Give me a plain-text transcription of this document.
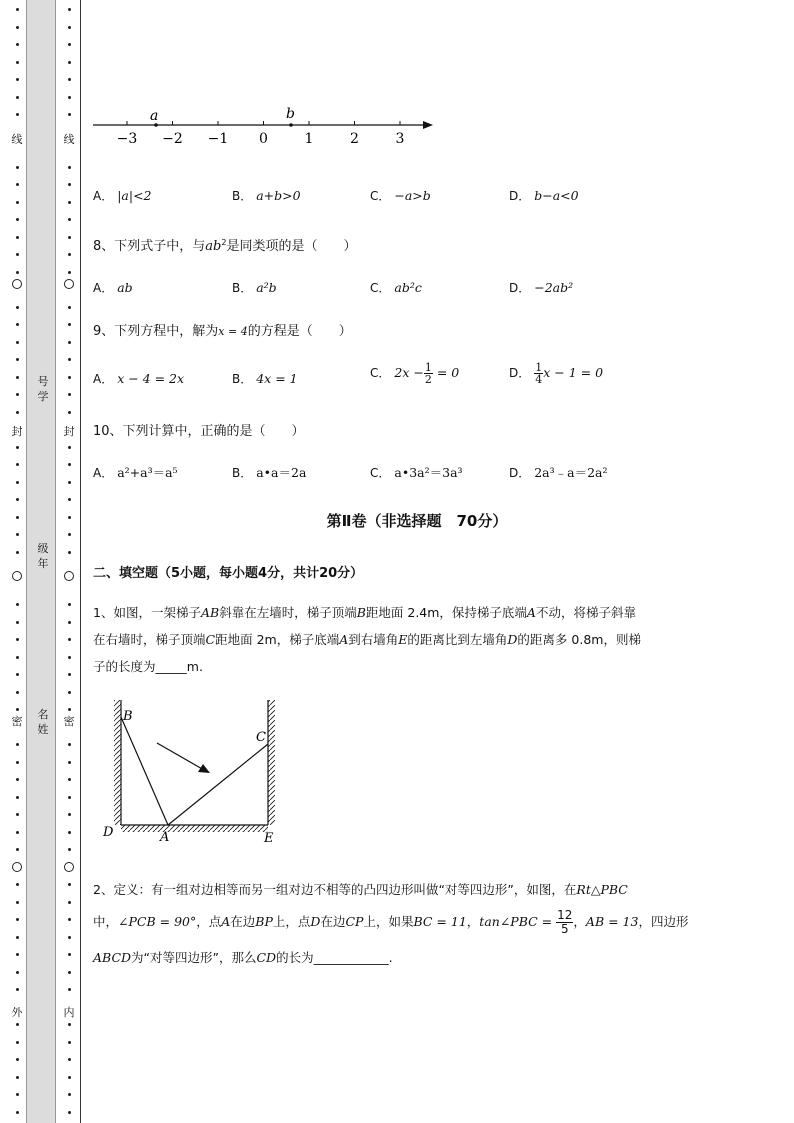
线	线
封	封
密	密
外	内
号学
级年
名姓
−3 −2 −1 0	1	2	3
a	b
A． |a|<2	B． a+b>0	C． −a>b	D． b−a<0
8、下列式子中，与$ab^2$是同类项的是（　　）
A． ab	B． a²b	C． ab²c	D． −2ab²
9、下列方程中，解为x = 4的方程是（　　）
A． x − 4 = 2x	B． 4x = 1	C． $2x - \frac{1}{2} = 0$	D． $\frac{1}{4}$ x − 1 = 0
10、下列计算中，正确的是（　　）
A． a²+a³＝a⁵	B． a•a＝2a	C． a•3a²＝3a³	D． 2a³﹣a＝2a²
第Ⅱ卷（非选择题　70分）
二、填空题（5小题，每小题4分，共计20分）
1、如图，一架梯子AB斜靠在左墙时，梯子顶端B距地面 2.4m，保持梯子底端A不动，将梯子斜靠
在右墙时，梯子顶端C距地面 2m，梯子底端A到右墙角E的距离比到左墙角D的距离多 0.8m，则梯
子的长度为_____m.
B
C
D	A	E
2、定义：有一组对边相等而另一组对边不相等的凸四边形叫做“对等四边形”，如图，在Rt△PBC
中，∠PCB = 90°，点A在边BP上，点D在边CP上，如果BC = 11，tan∠PBC = $\frac{12}{5}$ ，AB = 13，四边形
ABCD为“对等四边形”，那么CD的长为____________.
